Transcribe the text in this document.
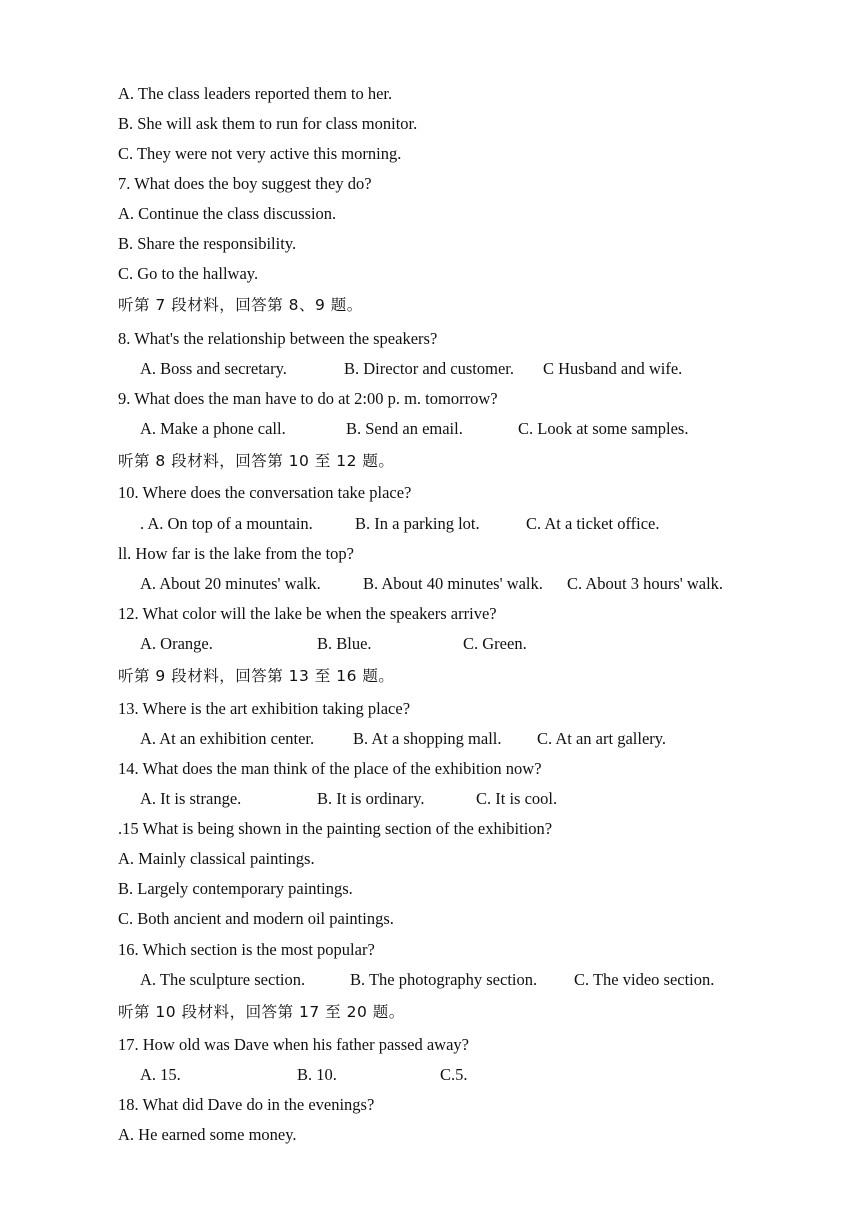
A. The class leaders reported them to her.
B. She will ask them to run for class monitor.
C. They were not very active this morning.
7. What does the boy suggest they do?
A. Continue the class discussion.
B. Share the responsibility.
C. Go to the hallway.
听第 7 段材料，回答第 8、9 题。
8. What's the relationship between the speakers?
A. Boss and secretary.	B. Director and customer. C Husband and wife.
9. What does the man have to do at 2:00 p. m. tomorrow?
A. Make a phone call.	B. Send an email.	C. Look at some samples.
听第 8 段材料，回答第 10 至 12 题。
10. Where does the conversation take place?
. A. On top of a mountain.	B. In a parking lot.	C. At a ticket office.
ll. How far is the lake from the top?
A. About 20 minutes' walk.	B. About 40 minutes' walk. C. About 3 hours' walk.
12. What color will the lake be when the speakers arrive?
A. Orange.	B. Blue.	C. Green.
听第 9 段材料，回答第 13 至 16 题。
13. Where is the art exhibition taking place?
A. At an exhibition center. B. At a shopping mall. C. At an art gallery.
14. What does the man think of the place of the exhibition now?
A. It is strange.	B. It is ordinary.	C. It is cool.
.15 What is being shown in the painting section of the exhibition?
A. Mainly classical paintings.
B. Largely contemporary paintings.
C. Both ancient and modern oil paintings.
16. Which section is the most popular?
A. The sculpture section.	B. The photography section. C. The video section.
听第 10 段材料，回答第 17 至 20 题。
17. How old was Dave when his father passed away?
A. 15.	B. 10.	C.5.
18. What did Dave do in the evenings?
A. He earned some money.
